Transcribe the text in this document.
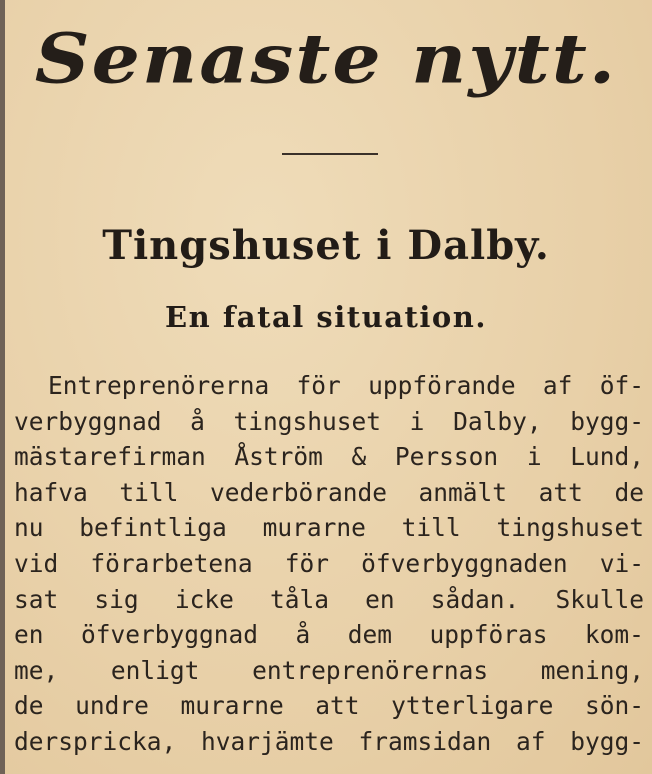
Senaste nytt.
Tingshuset i Dalby.
En fatal situation.
Entreprenörerna för uppförande af öf-
verbyggnad å tingshuset i Dalby, bygg-
mästarefirman Åström & Persson i Lund,
hafva till vederbörande anmält att de
nu befintliga murarne till tingshuset
vid förarbetena för öfverbyggnaden vi-
sat sig icke tåla en sådan. Skulle
en öfverbyggnad å dem uppföras kom-
me, enligt entreprenörernas mening,
de undre murarne att ytterligare sön-
derspricka, hvarjämte framsidan af bygg-
